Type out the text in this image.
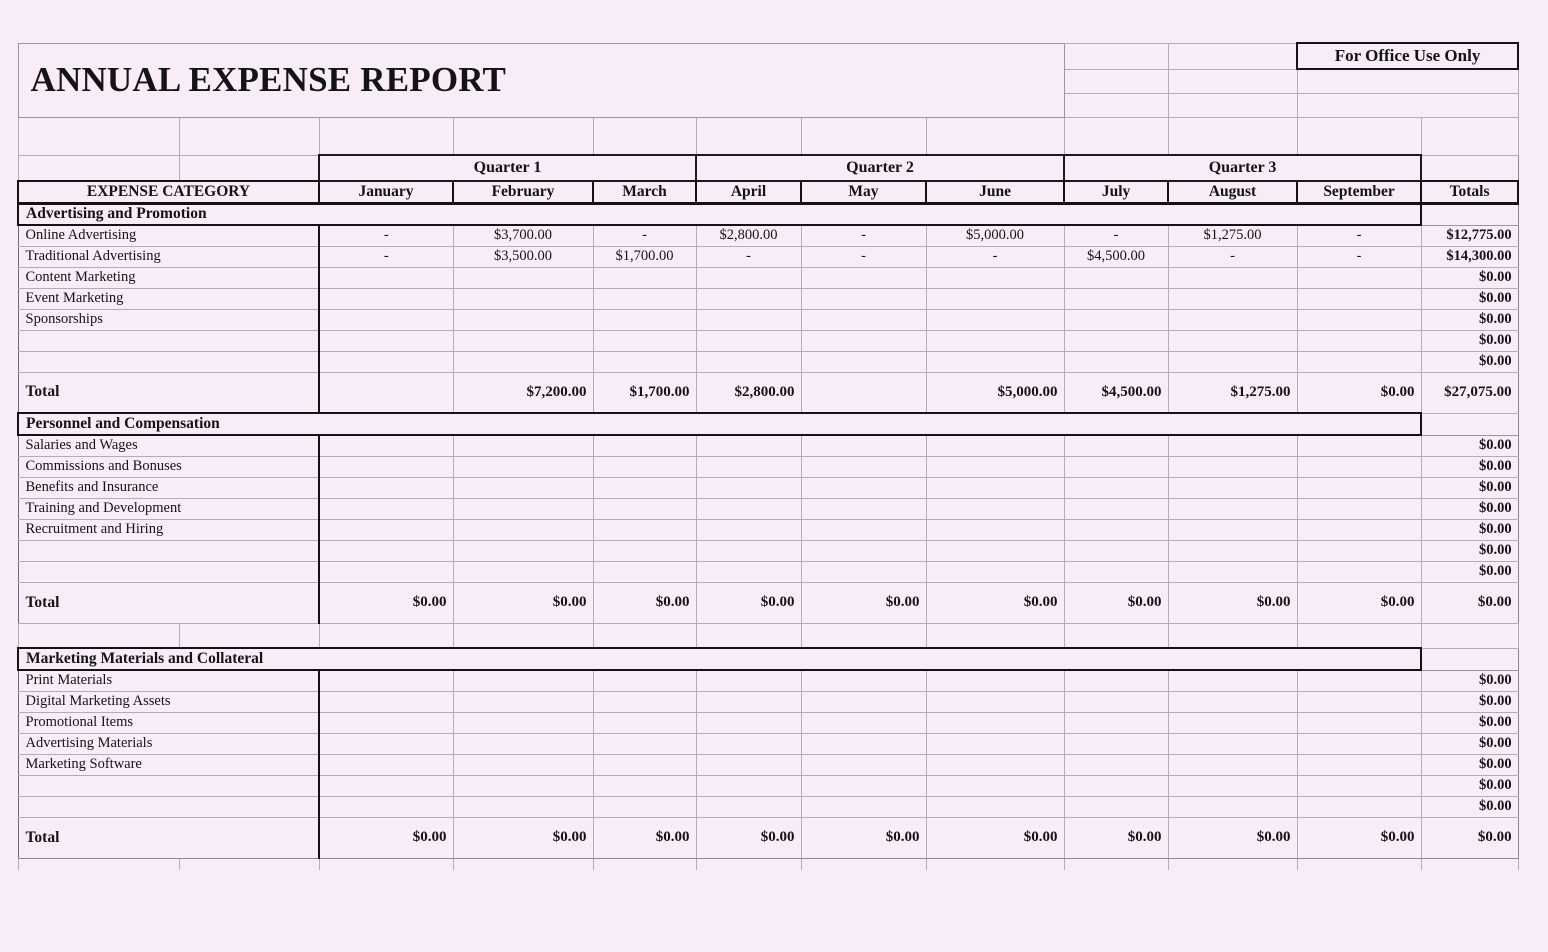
ANNUAL EXPENSE REPORT										For Office Use Only	

		Quarter 1			Quarter 2			Quarter 3			
EXPENSE CATEGORY		January	February	March	April	May	June	July	August	September	Totals
Advertising and Promotion											
Online Advertising		-	$3,700.00	-	$2,800.00	-	$5,000.00	-	$1,275.00	-	$12,775.00
Traditional Advertising		-	$3,500.00	$1,700.00	-	-	-	$4,500.00	-	-	$14,300.00
Content Marketing											$0.00
Event Marketing											$0.00
Sponsorships											$0.00
											$0.00
											$0.00
Total			$7,200.00	$1,700.00	$2,800.00		$5,000.00	$4,500.00	$1,275.00	$0.00	$27,075.00
Personnel and Compensation											
Salaries and Wages											$0.00
Commissions and Bonuses											$0.00
Benefits and Insurance											$0.00
Training and Development											$0.00
Recruitment and Hiring											$0.00
											$0.00
											$0.00
Total		$0.00	$0.00	$0.00	$0.00	$0.00	$0.00	$0.00	$0.00	$0.00	$0.00

Marketing Materials and Collateral											
Print Materials											$0.00
Digital Marketing Assets											$0.00
Promotional Items											$0.00
Advertising Materials											$0.00
Marketing Software											$0.00
											$0.00
											$0.00
Total		$0.00	$0.00	$0.00	$0.00	$0.00	$0.00	$0.00	$0.00	$0.00	$0.00
